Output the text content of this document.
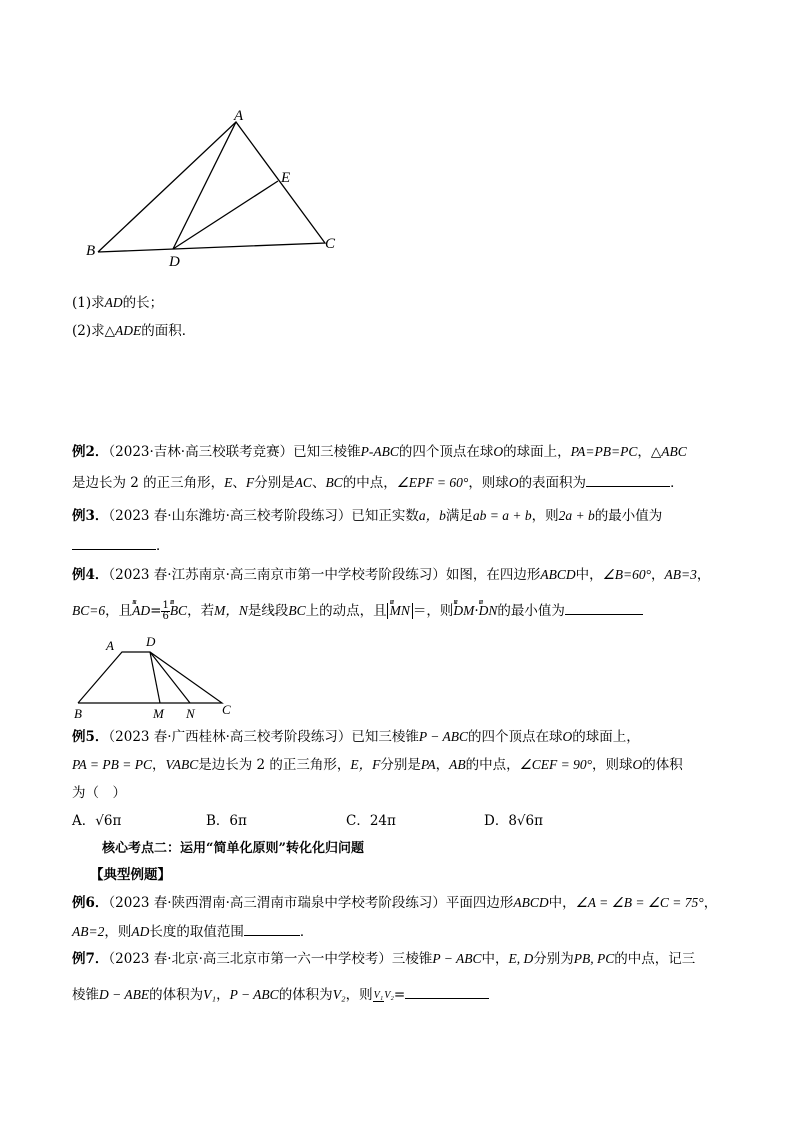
A
E
B
D
C
(1)求AD的长；
(2)求△ADE的面积．
例2．（2023·吉林·高三校联考竞赛）已知三棱锥P-ABC的四个顶点在球O的球面上，PA=PB=PC，△ABC
是边长为 2 的正三角形，E、F分别是AC、BC的中点，∠EPF = 60°，则球O的表面积为	．
例3．（2023 春·山东潍坊·高三校考阶段练习）已知正实数a，b满足ab = a + b，则2a + b的最小值为
．
例4．（2023 春·江苏南京·高三南京市第一中学校考阶段练习）如图，在四边形ABCD中，∠B=60°，AB=3，
BC=6，且ııı $AD= \frac{1}{6}$ ııı BC，若M，N是线段BC上的动点，且 ııı MN ＝，则ııı DM·ııı DN的最小值为
A D
B	M N C
例5．（2023 春·广西桂林·高三校考阶段练习）已知三棱锥P − ABC的四个顶点在球O的球面上，
PA = PB = PC，VABC是边长为 2 的正三角形，E，F分别是PA，AB的中点，∠CEF = 90°，则球O的体积
为（　）
A．√6π	B．6π	C．24π	D．8√6π
核心考点二：运用“简单化原则”转化化归问题
【典型例题】
例6．（2023 春·陕西渭南·高三渭南市瑞泉中学校考阶段练习）平面四边形ABCD中，∠A = ∠B = ∠C = 75°，
AB=2，则AD长度的取值范围	．
例7．（2023 春·北京·高三北京市第一六一中学校考）三棱锥P − ABC中，E, D分别为PB, PC的中点，记三
棱锥D − ABE的体积为V₁，P − ABC的体积为V₂，则V₁V₂=
